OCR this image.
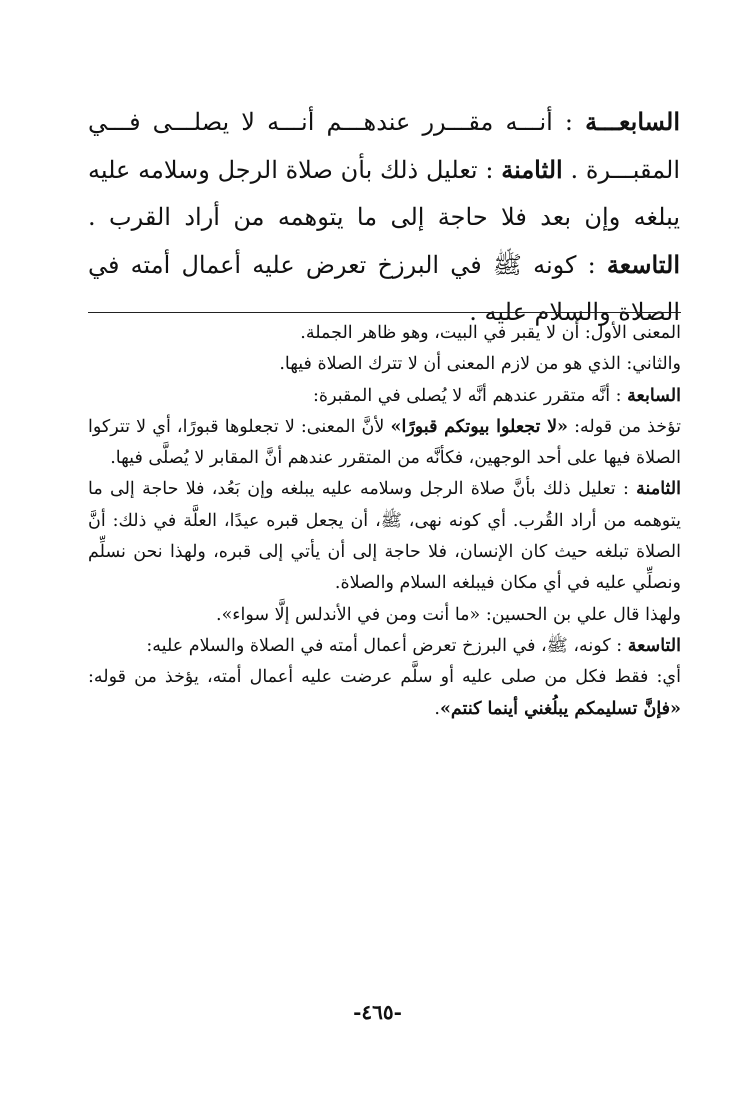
السابعـــة : أنـــه مقـــرر عندهـــم أنـــه لا يصلـــى فـــي المقبـــرة . الثامنة : تعليل ذلك بأن صلاة الرجل وسلامه عليه يبلغه وإن بعد فلا حاجة إلى ما يتوهمه من أراد القرب . التاسعة : كونه ﷺ في البرزخ تعرض عليه أعمال أمته في الصلاة والسلام عليه .

المعنى الأول: أن لا يقبر في البيت، وهو ظاهر الجملة.

والثاني: الذي هو من لازم المعنى أن لا تترك الصلاة فيها.

السابعة : أنَّه متقرر عندهم أنَّه لا يُصلى في المقبرة:

تؤخذ من قوله: «لا تجعلوا بيوتكم قبورًا» لأنَّ المعنى: لا تجعلوها قبورًا، أي لا تتركوا الصلاة فيها على أحد الوجهين، فكأنَّه من المتقرر عندهم أنَّ المقابر لا يُصلَّى فيها.

الثامنة : تعليل ذلك بأنَّ صلاة الرجل وسلامه عليه يبلغه وإن بَعُد، فلا حاجة إلى ما يتوهمه من أراد القُرب. أي كونه نهى، ﷺ، أن يجعل قبره عيدًا، العلَّة في ذلك: أنَّ الصلاة تبلغه حيث كان الإنسان، فلا حاجة إلى أن يأتي إلى قبره، ولهذا نحن نسلِّم ونصلِّي عليه في أي مكان فيبلغه السلام والصلاة.

ولهذا قال علي بن الحسين: «ما أنت ومن في الأندلس إلَّا سواء».

التاسعة : كونه، ﷺ، في البرزخ تعرض أعمال أمته في الصلاة والسلام عليه:

أي: فقط فكل من صلى عليه أو سلَّم عرضت عليه أعمال أمته، يؤخذ من قوله: «فإنَّ تسليمكم يبلُغني أينما كنتم».

-٤٦٥-
